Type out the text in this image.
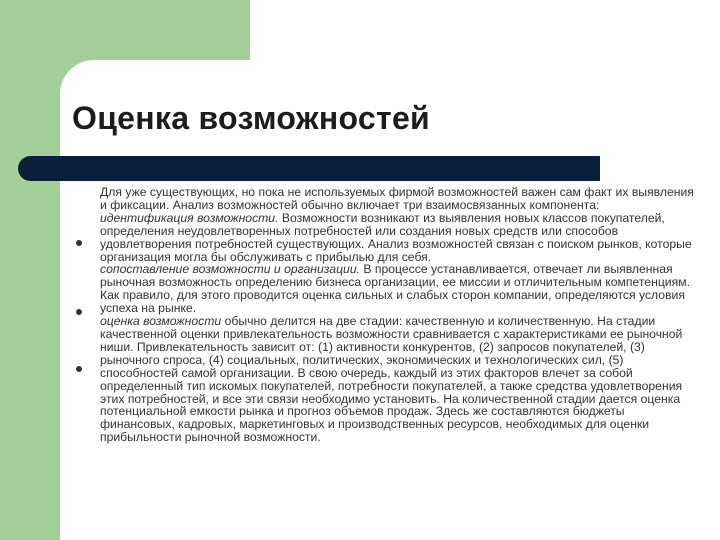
Оценка возможностей

Для уже существующих, но пока не используемых фирмой возможностей важен сам факт их выявления и фиксации. Анализ возможностей обычно включает три взаимосвязанных компонента:

идентификация возможности. Возможности возникают из выявления новых классов покупателей, определения неудовлетворенных потребностей или создания новых средств или способов удовлетворения потребностей существующих. Анализ возможностей связан с поиском рынков, которые организация могла бы обслуживать с прибылью для себя.

сопоставление возможности и организации. В процессе устанавливается, отвечает ли выявленная рыночная возможность определению бизнеса организации, ее миссии и отличительным компетенциям. Как правило, для этого проводится оценка сильных и слабых сторон компании, определяются условия успеха на рынке.

оценка возможности обычно делится на две стадии: качественную и количественную. На стадии качественной оценки привлекательность возможности сравнивается с характеристиками ее рыночной ниши. Привлекательность зависит от: (1) активности конкурентов, (2) запросов покупателей, (3) рыночного спроса, (4) социальных, политических, экономических и технологических сил, (5) способностей самой организации. В свою очередь, каждый из этих факторов влечет за собой определенный тип искомых покупателей, потребности покупателей, а также средства удовлетворения этих потребностей, и все эти связи необходимо установить. На количественной стадии дается оценка потенциальной емкости рынка и прогноз объемов продаж. Здесь же составляются бюджеты финансовых, кадровых, маркетинговых и производственных ресурсов, необходимых для оценки прибыльности рыночной возможности.
